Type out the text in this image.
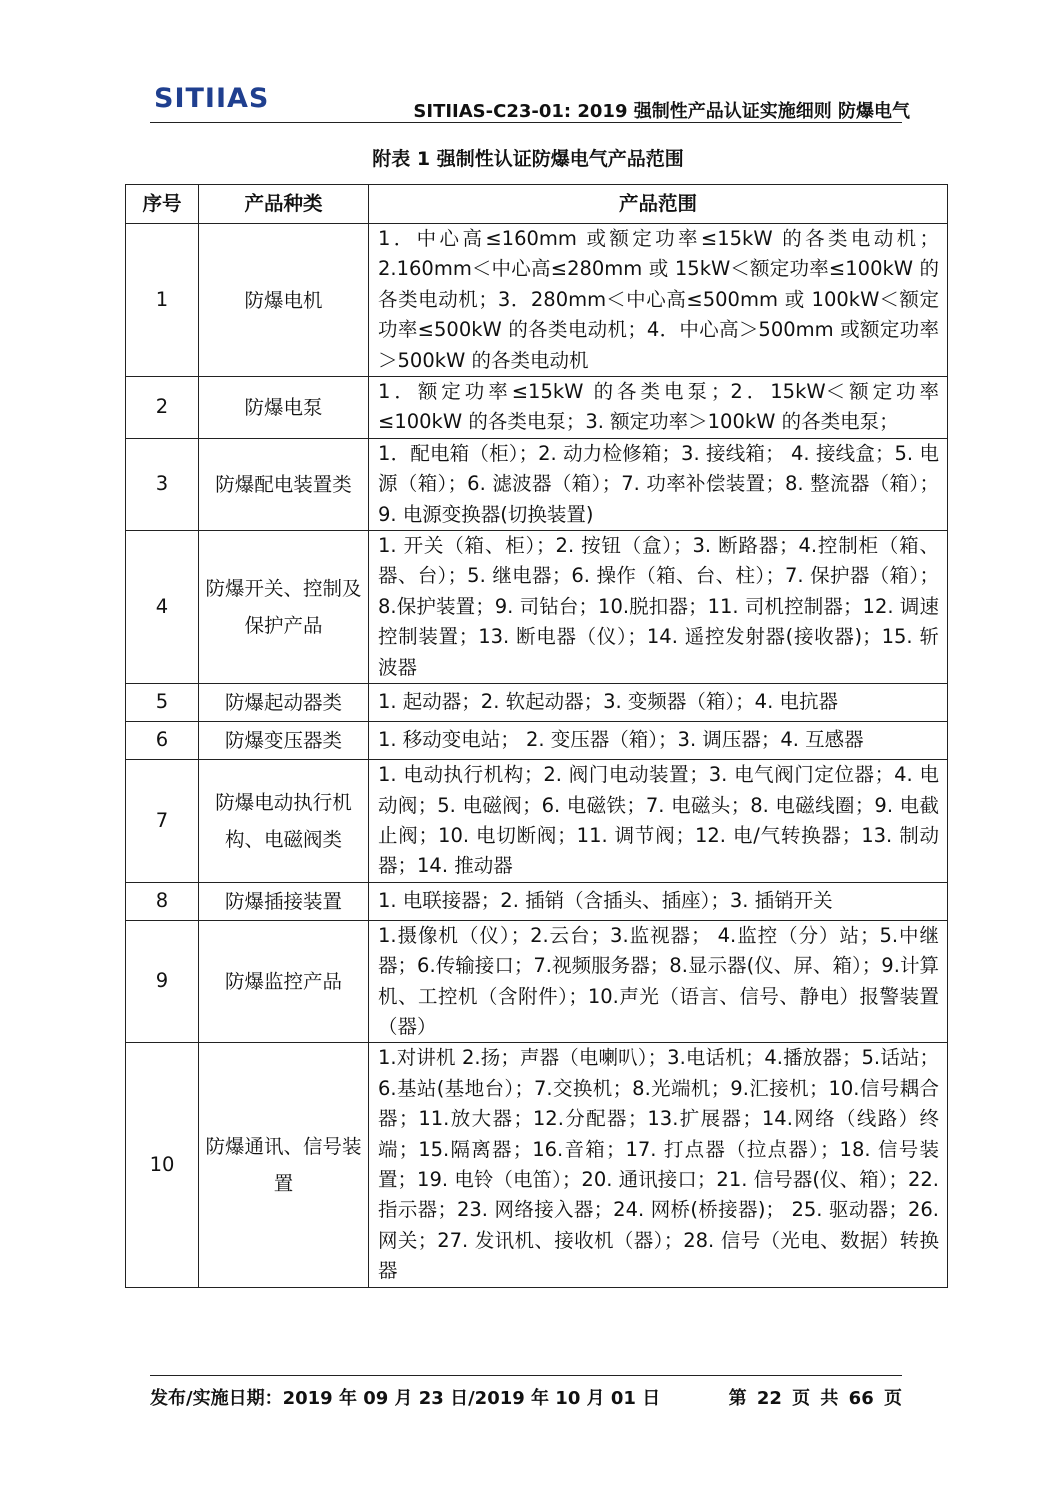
SITIIAS	SITIIAS-C23-01: 2019 强制性产品认证实施细则 防爆电气
附表 1 强制性认证防爆电气产品范围
序号	产品种类	产品范围
1	防爆电机	1．中心高≤160mm 或额定功率≤15kW 的各类电动机；2.160mm＜中心高≤280mm 或 15kW＜额定功率≤100kW 的各类电动机；3．280mm＜中心高≤500mm 或 100kW＜额定功率≤500kW 的各类电动机；4．中心高＞500mm 或额定功率＞500kW 的各类电动机
2	防爆电泵	1．额定功率≤15kW 的各类电泵；2．15kW＜额定功率≤100kW 的各类电泵；3. 额定功率＞100kW 的各类电泵；
3	防爆配电装置类	1．配电箱（柜）；2. 动力检修箱；3. 接线箱； 4. 接线盒；5. 电源（箱）；6. 滤波器（箱）；7. 功率补偿装置；8. 整流器（箱）；9. 电源变换器(切换装置)
4	防爆开关、控制及保护产品	1. 开关（箱、柜）；2. 按钮（盒）；3. 断路器；4.控制柜（箱、器、台）；5. 继电器；6. 操作（箱、台、柱）；7. 保护器（箱）；8.保护装置；9. 司钻台；10.脱扣器；11. 司机控制器；12. 调速控制装置；13. 断电器（仪）；14. 遥控发射器(接收器)；15. 斩波器
5	防爆起动器类	1. 起动器；2. 软起动器；3. 变频器（箱）；4. 电抗器
6	防爆变压器类	1. 移动变电站； 2. 变压器（箱）；3. 调压器；4. 互感器
7	防爆电动执行机构、电磁阀类	1. 电动执行机构；2. 阀门电动装置；3. 电气阀门定位器；4. 电动阀；5. 电磁阀；6. 电磁铁；7. 电磁头；8. 电磁线圈；9. 电截止阀；10. 电切断阀；11. 调节阀；12. 电/气转换器；13. 制动器；14. 推动器
8	防爆插接装置	1. 电联接器；2. 插销（含插头、插座）；3. 插销开关
9	防爆监控产品	1.摄像机（仪）；2.云台；3.监视器； 4.监控（分）站；5.中继器；6.传输接口；7.视频服务器；8.显示器(仪、屏、箱）；9.计算机、工控机（含附件）；10.声光（语言、信号、静电）报警装置（器）
10	防爆通讯、信号装置	1.对讲机 2.扬；声器（电喇叭）；3.电话机；4.播放器；5.话站；6.基站(基地台）；7.交换机；8.光端机；9.汇接机；10.信号耦合器；11.放大器；12.分配器；13.扩展器；14.网络（线路）终端；15.隔离器；16.音箱；17. 打点器（拉点器）；18. 信号装置；19. 电铃（电笛）；20. 通讯接口；21. 信号器(仪、箱）；22. 指示器；23. 网络接入器；24. 网桥(桥接器)； 25. 驱动器；26. 网关；27. 发讯机、接收机（器）；28. 信号（光电、数据）转换器
发布/实施日期：2019 年 09 月 23 日/2019 年 10 月 01 日	第 22 页 共 66 页
